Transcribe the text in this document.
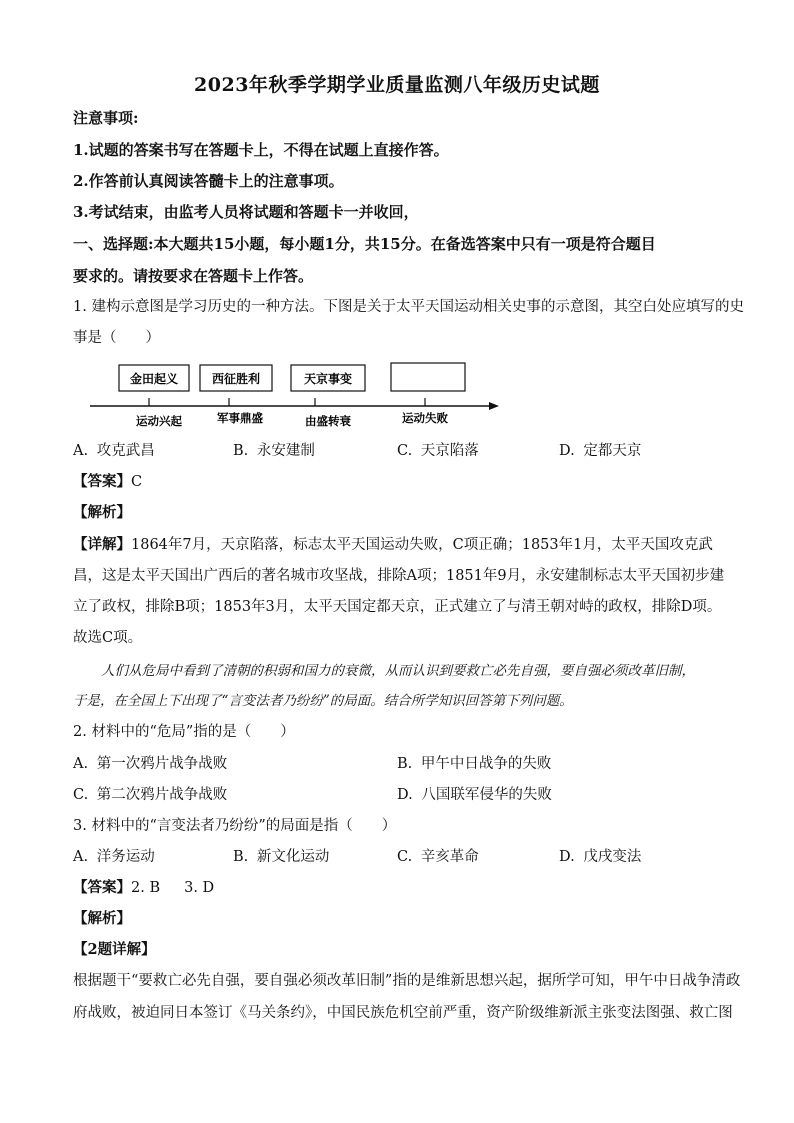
2023年秋季学期学业质量监测八年级历史试题
注意事项:
1.试题的答案书写在答题卡上，不得在试题上直接作答。
2.作答前认真阅读答髓卡上的注意事项。
3.考试结束，由监考人员将试题和答题卡一并收回，
一、选择题:本大题共15小题，每小题1分，共15分。在备选答案中只有一项是符合题目
要求的。请按要求在答题卡上作答。
1. 建构示意图是学习历史的一种方法。下图是关于太平天国运动相关史事的示意图，其空白处应填写的史
事是（　　）
金田起义	西征胜利	天京事变
运动兴起	军事鼎盛	由盛转衰	运动失败
A. 攻克武昌	B. 永安建制	C. 天京陷落	D. 定都天京
【答案】C
【解析】
【详解】1864年7月，天京陷落，标志太平天国运动失败，C项正确；1853年1月，太平天国攻克武
昌，这是太平天国出广西后的著名城市攻坚战，排除A项；1851年9月，永安建制标志太平天国初步建
立了政权，排除B项；1853年3月，太平天国定都天京，正式建立了与清王朝对峙的政权，排除D项。
故选C项。
人们从危局中看到了清朝的积弱和国力的衰微，从而认识到要救亡必先自强，要自强必须改革旧制，
于是，在全国上下出现了“言变法者乃纷纷”的局面。结合所学知识回答第下列问题。
2. 材料中的“危局”指的是（　　）
A. 第一次鸦片战争战败	B. 甲午中日战争的失败
C. 第二次鸦片战争战败	D. 八国联军侵华的失败
3. 材料中的“言变法者乃纷纷”的局面是指（　　）
A. 洋务运动	B. 新文化运动	C. 辛亥革命	D. 戊戌变法
【答案】2. B 3. D
【解析】
【2题详解】
根据题干“要救亡必先自强，要自强必须改革旧制”指的是维新思想兴起，据所学可知，甲午中日战争清政
府战败，被迫同日本签订《马关条约》，中国民族危机空前严重，资产阶级维新派主张变法图强、救亡图
